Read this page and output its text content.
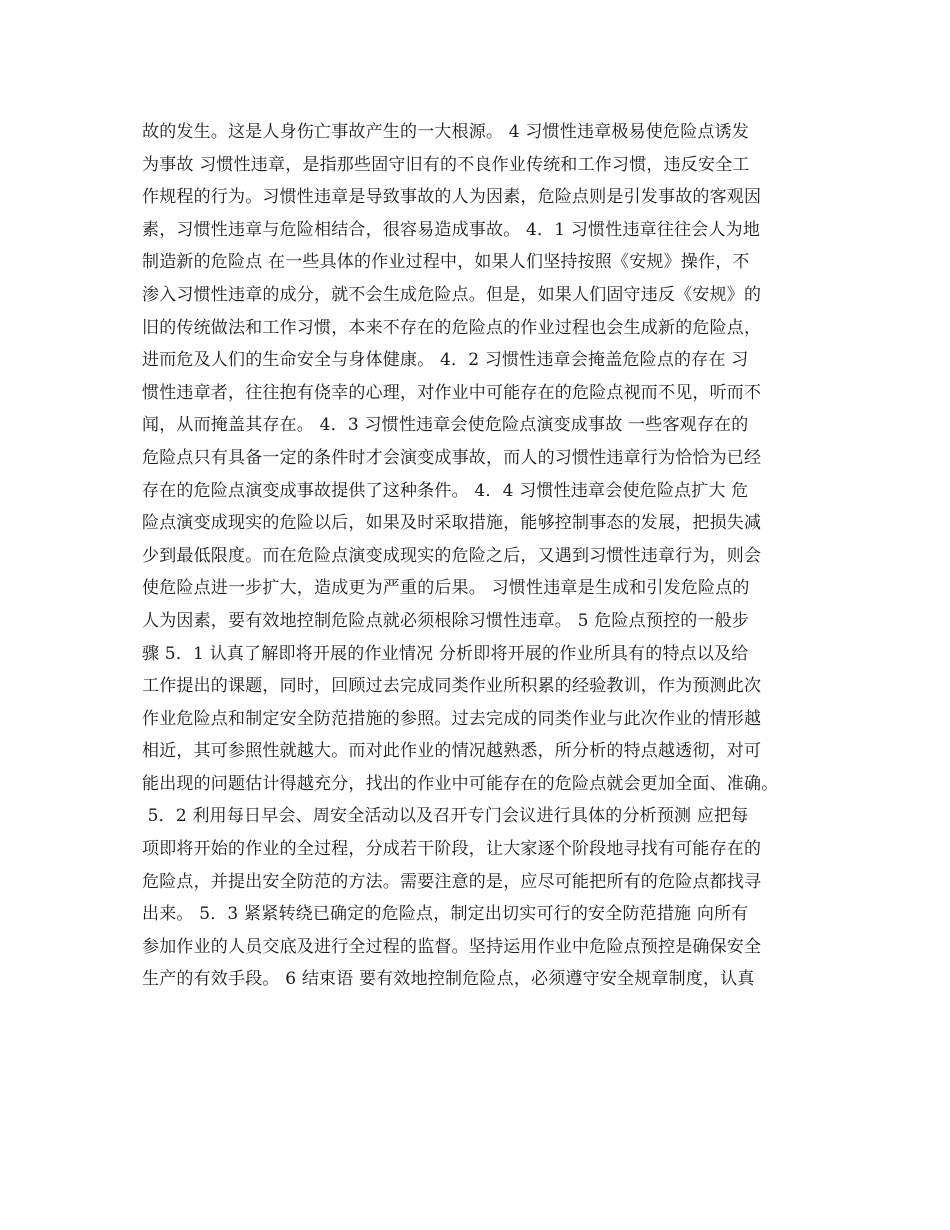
故的发生。这是人身伤亡事故产生的一大根源。 4 习惯性违章极易使危险点诱发
为事故 习惯性违章，是指那些固守旧有的不良作业传统和工作习惯，违反安全工
作规程的行为。习惯性违章是导致事故的人为因素，危险点则是引发事故的客观因
素，习惯性违章与危险相结合，很容易造成事故。 4．1 习惯性违章往往会人为地
制造新的危险点 在一些具体的作业过程中，如果人们坚持按照《安规》操作，不
渗入习惯性违章的成分，就不会生成危险点。但是，如果人们固守违反《安规》的
旧的传统做法和工作习惯，本来不存在的危险点的作业过程也会生成新的危险点，
进而危及人们的生命安全与身体健康。 4．2 习惯性违章会掩盖危险点的存在 习
惯性违章者，往往抱有侥幸的心理，对作业中可能存在的危险点视而不见，听而不
闻，从而掩盖其存在。 4．3 习惯性违章会使危险点演变成事故 一些客观存在的
危险点只有具备一定的条件时才会演变成事故，而人的习惯性违章行为恰恰为已经
存在的危险点演变成事故提供了这种条件。 4．4 习惯性违章会使危险点扩大 危
险点演变成现实的危险以后，如果及时采取措施，能够控制事态的发展，把损失减
少到最低限度。而在危险点演变成现实的危险之后，又遇到习惯性违章行为，则会
使危险点进一步扩大，造成更为严重的后果。 习惯性违章是生成和引发危险点的
人为因素，要有效地控制危险点就必须根除习惯性违章。 5 危险点预控的一般步
骤 5．1 认真了解即将开展的作业情况 分析即将开展的作业所具有的特点以及给
工作提出的课题，同时，回顾过去完成同类作业所积累的经验教训，作为预测此次
作业危险点和制定安全防范措施的参照。过去完成的同类作业与此次作业的情形越
相近，其可参照性就越大。而对此作业的情况越熟悉，所分析的特点越透彻，对可
能出现的问题估计得越充分，找出的作业中可能存在的危险点就会更加全面、准确。
5．2 利用每日早会、周安全活动以及召开专门会议进行具体的分析预测 应把每
项即将开始的作业的全过程，分成若干阶段，让大家逐个阶段地寻找有可能存在的
危险点，并提出安全防范的方法。需要注意的是，应尽可能把所有的危险点都找寻
出来。 5．3 紧紧转绕已确定的危险点，制定出切实可行的安全防范措施 向所有
参加作业的人员交底及进行全过程的监督。坚持运用作业中危险点预控是确保安全
生产的有效手段。 6 结束语 要有效地控制危险点，必须遵守安全规章制度，认真
